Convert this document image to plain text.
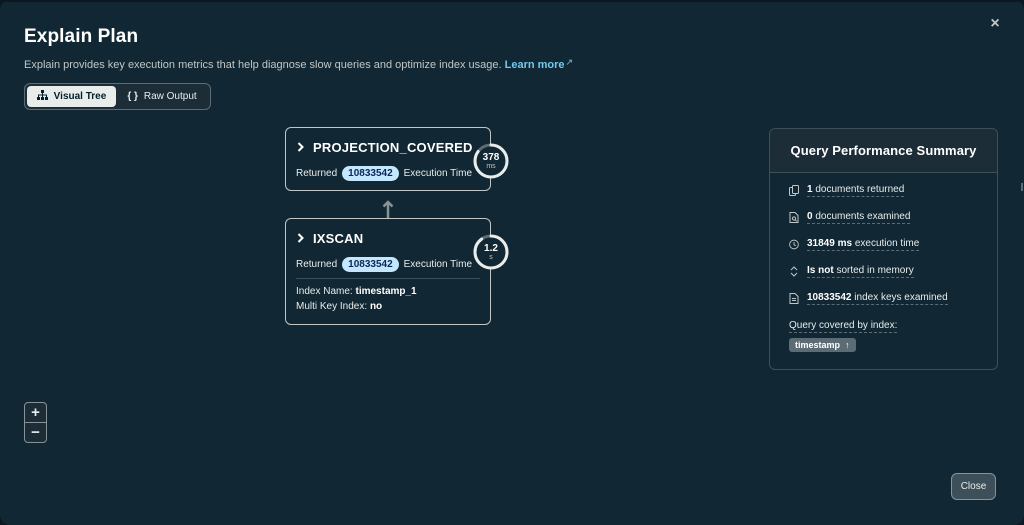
Explain Plan
×
Explain provides key execution metrics that help diagnose slow queries and optimize index usage. Learn more↗
Visual Tree { } Raw Output
PROJECTION_COVERED
Returned	10833542	Execution Time
378
ms
IXSCAN
Returned	10833542	Execution Time
Index Name: timestamp_1
Multi Key Index: no
1.2
s
Query Performance Summary
1 documents returned
0 documents examined
31849 ms execution time
Is not sorted in memory
10833542 index keys examined
Query covered by index:
timestamp ↑
+
−
Close
